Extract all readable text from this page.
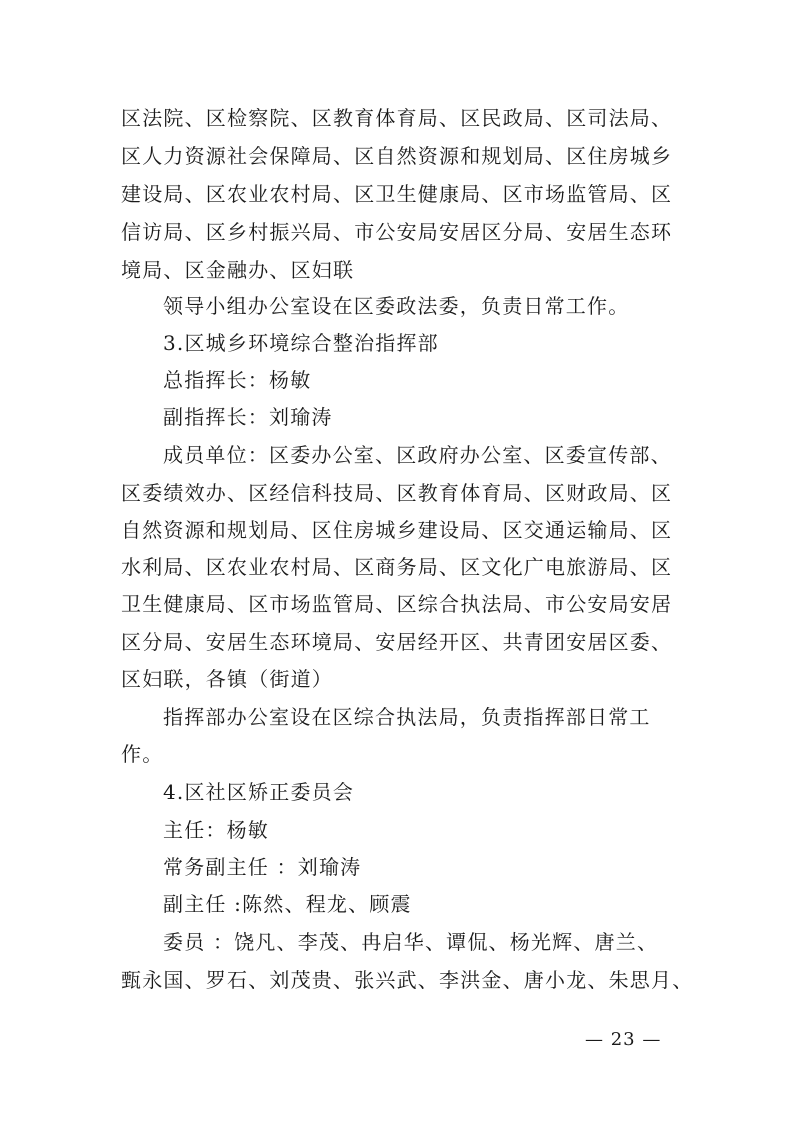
区法院、区检察院、区教育体育局、区民政局、区司法局、
区人力资源社会保障局、区自然资源和规划局、区住房城乡
建设局、区农业农村局、区卫生健康局、区市场监管局、区
信访局、区乡村振兴局、市公安局安居区分局、安居生态环
境局、区金融办、区妇联
领导小组办公室设在区委政法委，负责日常工作。
3.区城乡环境综合整治指挥部
总指挥长：杨敏
副指挥长：刘瑜涛
成员单位：区委办公室、区政府办公室、区委宣传部、
区委绩效办、区经信科技局、区教育体育局、区财政局、区
自然资源和规划局、区住房城乡建设局、区交通运输局、区
水利局、区农业农村局、区商务局、区文化广电旅游局、区
卫生健康局、区市场监管局、区综合执法局、市公安局安居
区分局、安居生态环境局、安居经开区、共青团安居区委、
区妇联，各镇（街道）
指挥部办公室设在区综合执法局，负责指挥部日常工
作。
4.区社区矫正委员会
主任：杨敏
常务副主任 ：刘瑜涛
副主任 :陈然、程龙、顾震
委员 ：饶凡、李茂、冉启华、谭侃、杨光辉、唐兰、
甄永国、罗石、刘茂贵、张兴武、李洪金、唐小龙、朱思月、
— 23 —
